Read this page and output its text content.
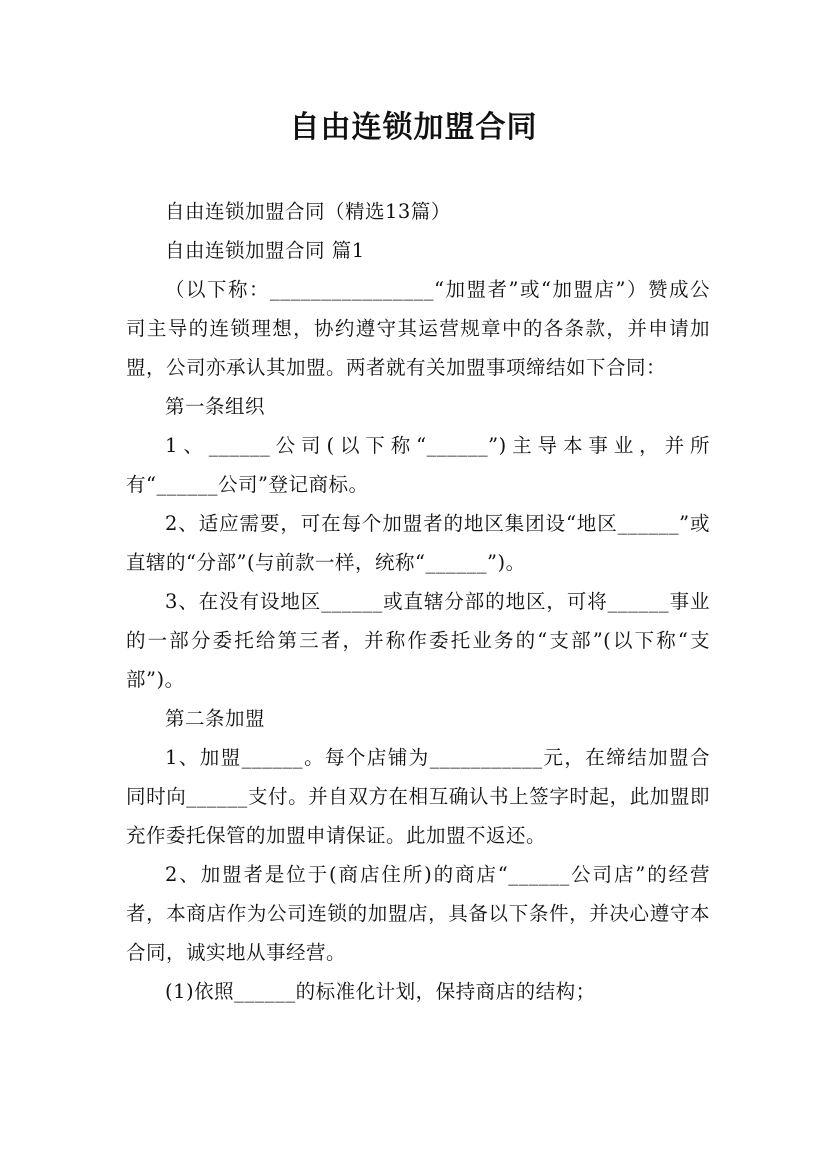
自由连锁加盟合同

自由连锁加盟合同（精选13篇）

自由连锁加盟合同 篇1

（以下称：________________“加盟者”或“加盟店”）赞成公司主导的连锁理想，协约遵守其运营规章中的各条款，并申请加盟，公司亦承认其加盟。两者就有关加盟事项缔结如下合同：

第一条组织

1、______公司(以下称“______”)主导本事业，并所有“______公司”登记商标。

2、适应需要，可在每个加盟者的地区集团设“地区______”或直辖的“分部”(与前款一样，统称“______”)。

3、在没有设地区______或直辖分部的地区，可将______事业的一部分委托给第三者，并称作委托业务的“支部”(以下称“支部”)。

第二条加盟

1、加盟______。每个店铺为___________元，在缔结加盟合同时向______支付。并自双方在相互确认书上签字时起，此加盟即充作委托保管的加盟申请保证。此加盟不返还。

2、加盟者是位于(商店住所)的商店“______公司店”的经营者，本商店作为公司连锁的加盟店，具备以下条件，并决心遵守本合同，诚实地从事经营。

(1)依照______的标准化计划，保持商店的结构；
